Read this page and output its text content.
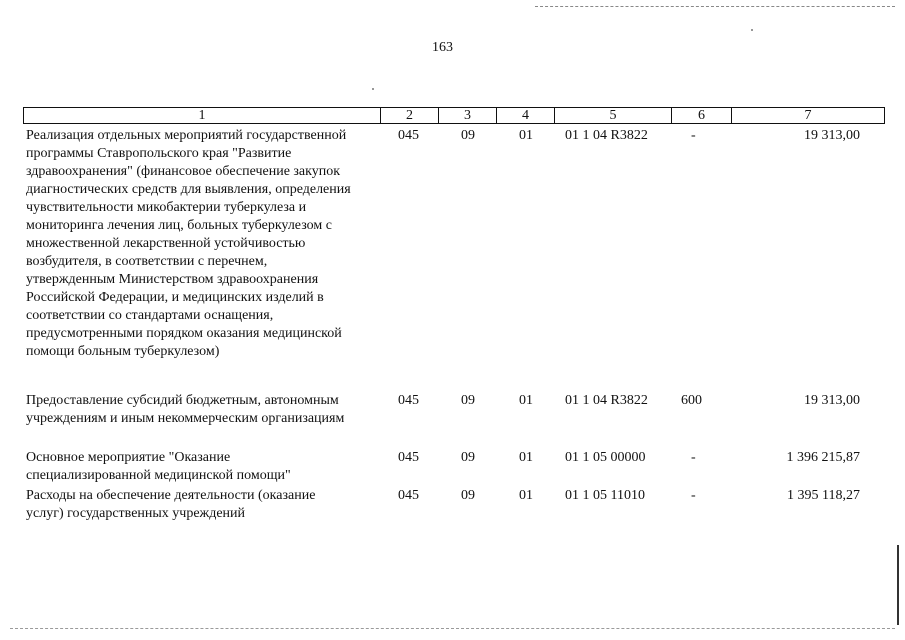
163
1	2	3	4	5	6	7
Реализация отдельных мероприятий государственной
программы Ставропольского края "Развитие
здравоохранения" (финансовое обеспечение закупок
диагностических средств для выявления, определения
чувствительности микобактерии туберкулеза и
мониторинга лечения лиц, больных туберкулезом с
множественной лекарственной устойчивостью
возбудителя, в соответствии с перечнем,
утвержденным Министерством здравоохранения
Российской Федерации, и медицинских изделий в
соответствии со стандартами оснащения,
предусмотренными порядком оказания медицинской
помощи больным туберкулезом)
045	09	01	01 1 04 R3822	-	19 313,00
Предоставление субсидий бюджетным, автономным
учреждениям и иным некоммерческим организациям
045	09	01	01 1 04 R3822	600	19 313,00
Основное мероприятие "Оказание
специализированной медицинской помощи"
045	09	01	01 1 05 00000	-	1 396 215,87
Расходы на обеспечение деятельности (оказание
услуг) государственных учреждений
045	09	01	01 1 05 11010	-	1 395 118,27
